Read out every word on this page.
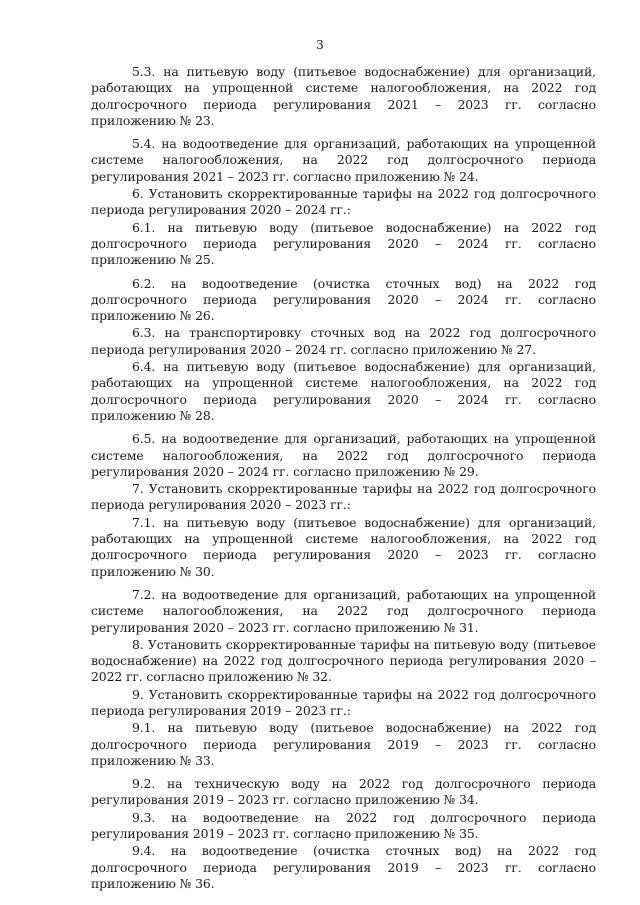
3

5.3. на питьевую воду (питьевое водоснабжение) для организаций, работающих на упрощенной системе налогообложения, на 2022 год долгосрочного периода регулирования 2021 – 2023 гг. согласно приложению № 23.

5.4. на водоотведение для организаций, работающих на упрощенной системе налогообложения, на 2022 год долгосрочного периода регулирования 2021 – 2023 гг. согласно приложению № 24.

6. Установить скорректированные тарифы на 2022 год долгосрочного периода регулирования 2020 – 2024 гг.:

6.1. на питьевую воду (питьевое водоснабжение) на 2022 год долгосрочного периода регулирования 2020 – 2024 гг. согласно приложению № 25.

6.2. на водоотведение (очистка сточных вод) на 2022 год долгосрочного периода регулирования 2020 – 2024 гг. согласно приложению № 26.

6.3. на транспортировку сточных вод на 2022 год долгосрочного периода регулирования 2020 – 2024 гг. согласно приложению № 27.

6.4. на питьевую воду (питьевое водоснабжение) для организаций, работающих на упрощенной системе налогообложения, на 2022 год долгосрочного периода регулирования 2020 – 2024 гг. согласно приложению № 28.

6.5. на водоотведение для организаций, работающих на упрощенной системе налогообложения, на 2022 год долгосрочного периода регулирования 2020 – 2024 гг. согласно приложению № 29.

7. Установить скорректированные тарифы на 2022 год долгосрочного периода регулирования 2020 – 2023 гг.:

7.1. на питьевую воду (питьевое водоснабжение) для организаций, работающих на упрощенной системе налогообложения, на 2022 год долгосрочного периода регулирования 2020 – 2023 гг. согласно приложению № 30.

7.2. на водоотведение для организаций, работающих на упрощенной системе налогообложения, на 2022 год долгосрочного периода регулирования 2020 – 2023 гг. согласно приложению № 31.

8. Установить скорректированные тарифы на питьевую воду (питьевое водоснабжение) на 2022 год долгосрочного периода регулирования 2020 – 2022 гг. согласно приложению № 32.

9. Установить скорректированные тарифы на 2022 год долгосрочного периода регулирования 2019 – 2023 гг.:

9.1. на питьевую воду (питьевое водоснабжение) на 2022 год долгосрочного периода регулирования 2019 – 2023 гг. согласно приложению № 33.

9.2. на техническую воду на 2022 год долгосрочного периода регулирования 2019 – 2023 гг. согласно приложению № 34.

9.3. на водоотведение на 2022 год долгосрочного периода регулирования 2019 – 2023 гг. согласно приложению № 35.

9.4. на водоотведение (очистка сточных вод) на 2022 год долгосрочного периода регулирования 2019 – 2023 гг. согласно приложению № 36.
